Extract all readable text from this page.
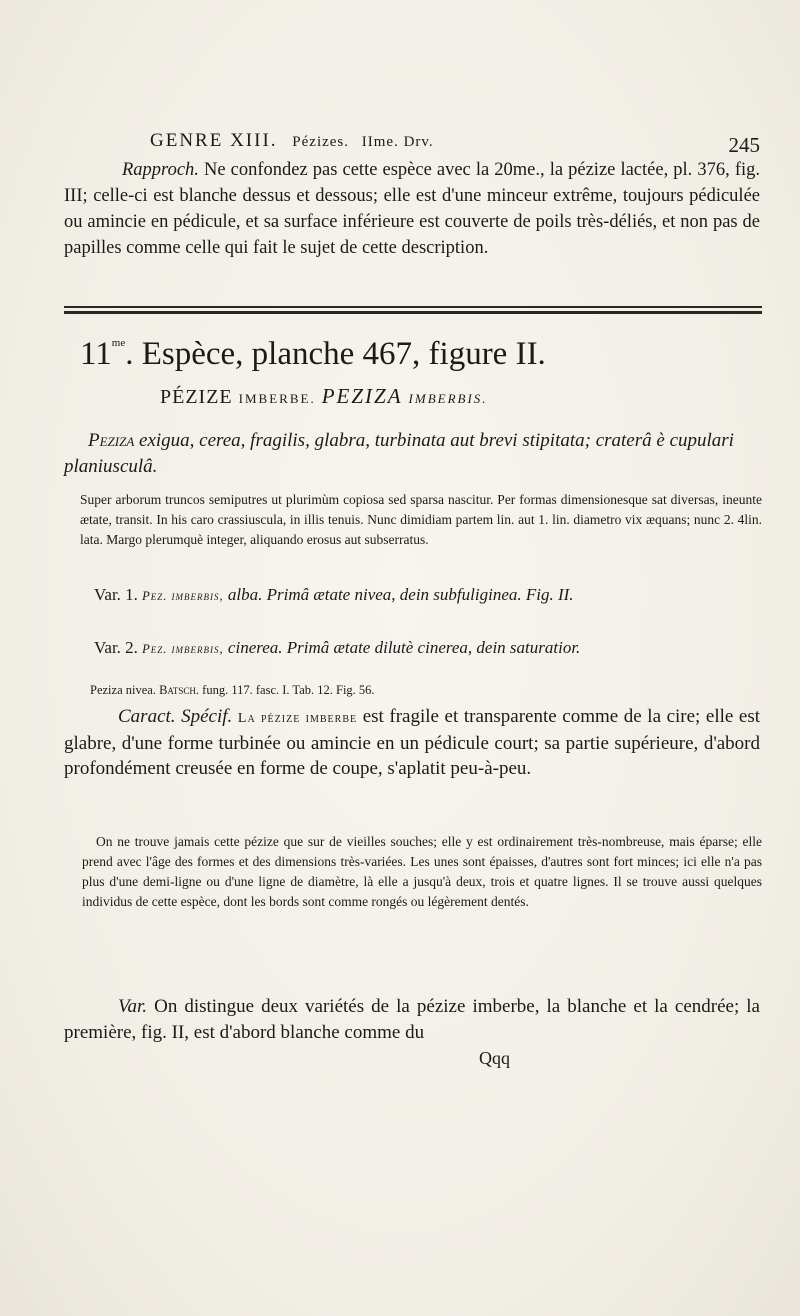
GENRE XIII. Pézizes. IIme. Drv.	245

Rapproch. Ne confondez pas cette espèce avec la 20me., la pézize lactée, pl. 376, fig. III; celle-ci est blanche dessus et dessous; elle est d'une minceur extrême, toujours pédiculée ou amincie en pédicule, et sa surface inférieure est couverte de poils très-déliés, et non pas de papilles comme celle qui fait le sujet de cette description.

$11^{me}$. Espèce, planche 467, figure II.
PÉZIZE IMBERBE. PEZIZA IMBERBIS.
Peziza exigua, cerea, fragilis, glabra, turbinata aut brevi stipitata; craterâ è cupulari planiusculâ.

Super arborum truncos semiputres ut plurimùm copiosa sed sparsa nascitur. Per formas dimensionesque sat diversas, ineunte ætate, transit. In his caro crassiuscula, in illis tenuis. Nunc dimidiam partem lin. aut 1. lin. diametro vix æquans; nunc 2. 4lin. lata. Margo plerumquè integer, aliquando erosus aut subserratus.

Var. 1. Pez. imberbis, alba. Primâ ætate nivea, dein subfuliginea. Fig. II.
Var. 2. Pez. imberbis, cinerea. Primâ ætate dilutè cinerea, dein saturatior.
Peziza nivea. Batsch. fung. 117. fasc. I. Tab. 12. Fig. 56.
Caract. Spécif. La pézize imberbe est fragile et transparente comme de la cire; elle est glabre, d'une forme turbinée ou amincie en un pédicule court; sa partie supérieure, d'abord profondément creusée en forme de coupe, s'aplatit peu-à-peu.

On ne trouve jamais cette pézize que sur de vieilles souches; elle y est ordinairement très-nombreuse, mais éparse; elle prend avec l'âge des formes et des dimensions très-variées. Les unes sont épaisses, d'autres sont fort minces; ici elle n'a pas plus d'une demi-ligne ou d'une ligne de diamètre, là elle a jusqu'à deux, trois et quatre lignes. Il se trouve aussi quelques individus de cette espèce, dont les bords sont comme rongés ou légèrement dentés.

Var. On distingue deux variétés de la pézize imberbe, la blanche et la cendrée; la première, fig. II, est d'abord blanche comme du
Qqq
